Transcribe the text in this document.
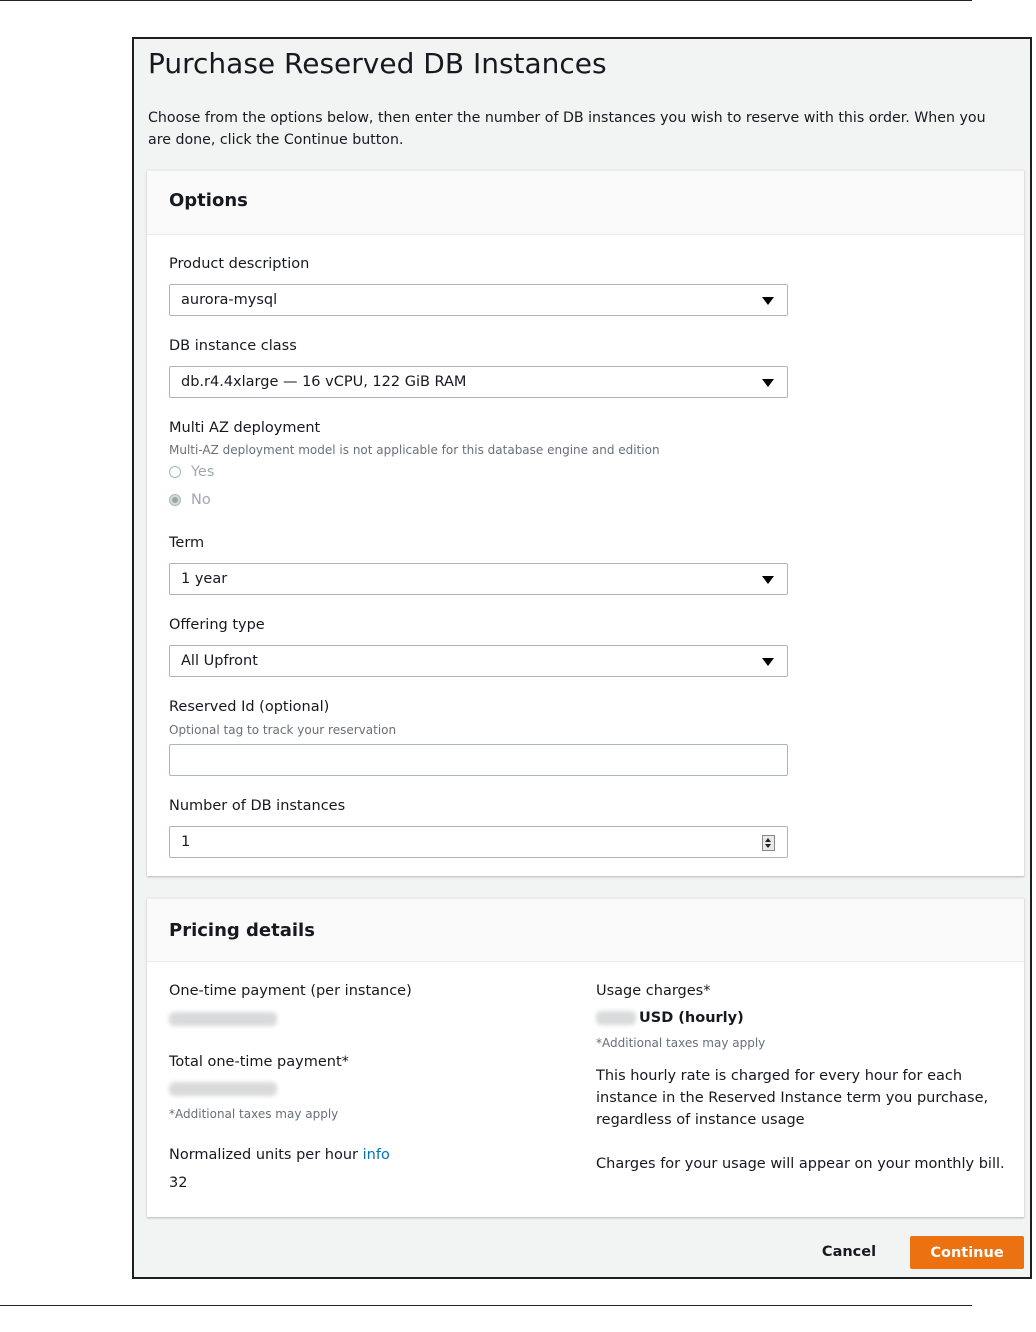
Purchase Reserved DB Instances

Choose from the options below, then enter the number of DB instances you wish to reserve with this order. When you are done, click the Continue button.

Options
Product description
aurora-mysql
DB instance class
db.r4.4xlarge — 16 vCPU, 122 GiB RAM
Multi AZ deployment
Multi-AZ deployment model is not applicable for this database engine and edition
Yes
No
Term
1 year
Offering type
All Upfront
Reserved Id (optional)
Optional tag to track your reservation
Number of DB instances
1
Pricing details
One-time payment (per instance)
Total one-time payment*
*Additional taxes may apply
Normalized units per hour info
32
Usage charges*
USD (hourly)
*Additional taxes may apply
This hourly rate is charged for every hour for each instance in the Reserved Instance term you purchase, regardless of instance usage
Charges for your usage will appear on your monthly bill.
Cancel	Continue
